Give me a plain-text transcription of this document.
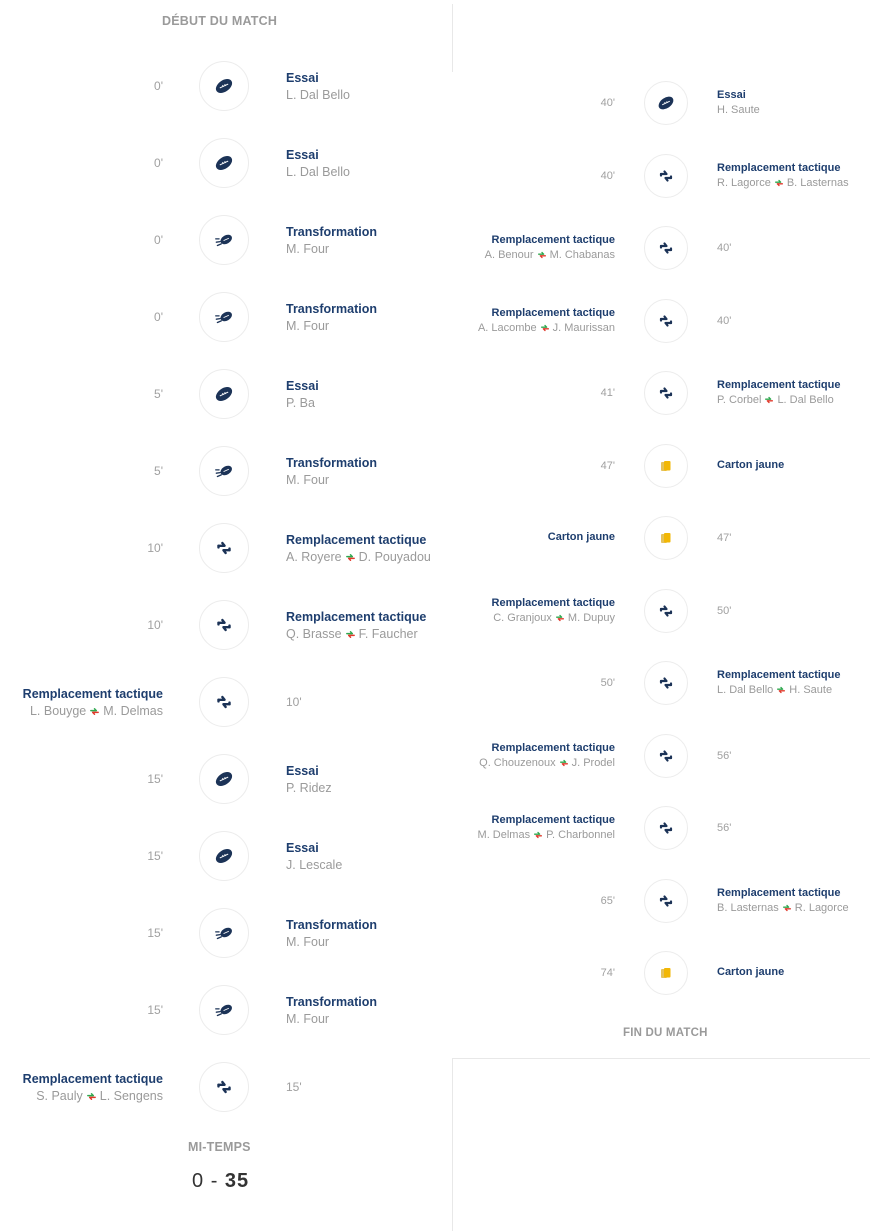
DÉBUT DU MATCH
0'
Essai
L. Dal Bello
0'
Essai
L. Dal Bello
0'
Transformation
M. Four
0'
Transformation
M. Four
5'
Essai
P. Ba
5'
Transformation
M. Four
10'
Remplacement tactique
A. Royere D. Pouyadou
10'
Remplacement tactique
Q. Brasse F. Faucher
10'
Remplacement tactique
L. Bouyge M. Delmas
15'
Essai
P. Ridez
15'
Essai
J. Lescale
15'
Transformation
M. Four
15'
Transformation
M. Four
15'
Remplacement tactique
S. Pauly L. Sengens
MI-TEMPS
0 - 35
40'
Essai
H. Saute
40'
Remplacement tactique
R. Lagorce B. Lasternas
40'
Remplacement tactique
A. Benour M. Chabanas
40'
Remplacement tactique
A. Lacombe J. Maurissan
41'
Remplacement tactique
P. Corbel L. Dal Bello
47'	Carton jaune
47'
Carton jaune
50'
Remplacement tactique
C. Granjoux M. Dupuy
50'
Remplacement tactique
L. Dal Bello H. Saute
56'
Remplacement tactique
Q. Chouzenoux J. Prodel
56'
Remplacement tactique
M. Delmas P. Charbonnel
65'
Remplacement tactique
B. Lasternas R. Lagorce
74'	Carton jaune
FIN DU MATCH
